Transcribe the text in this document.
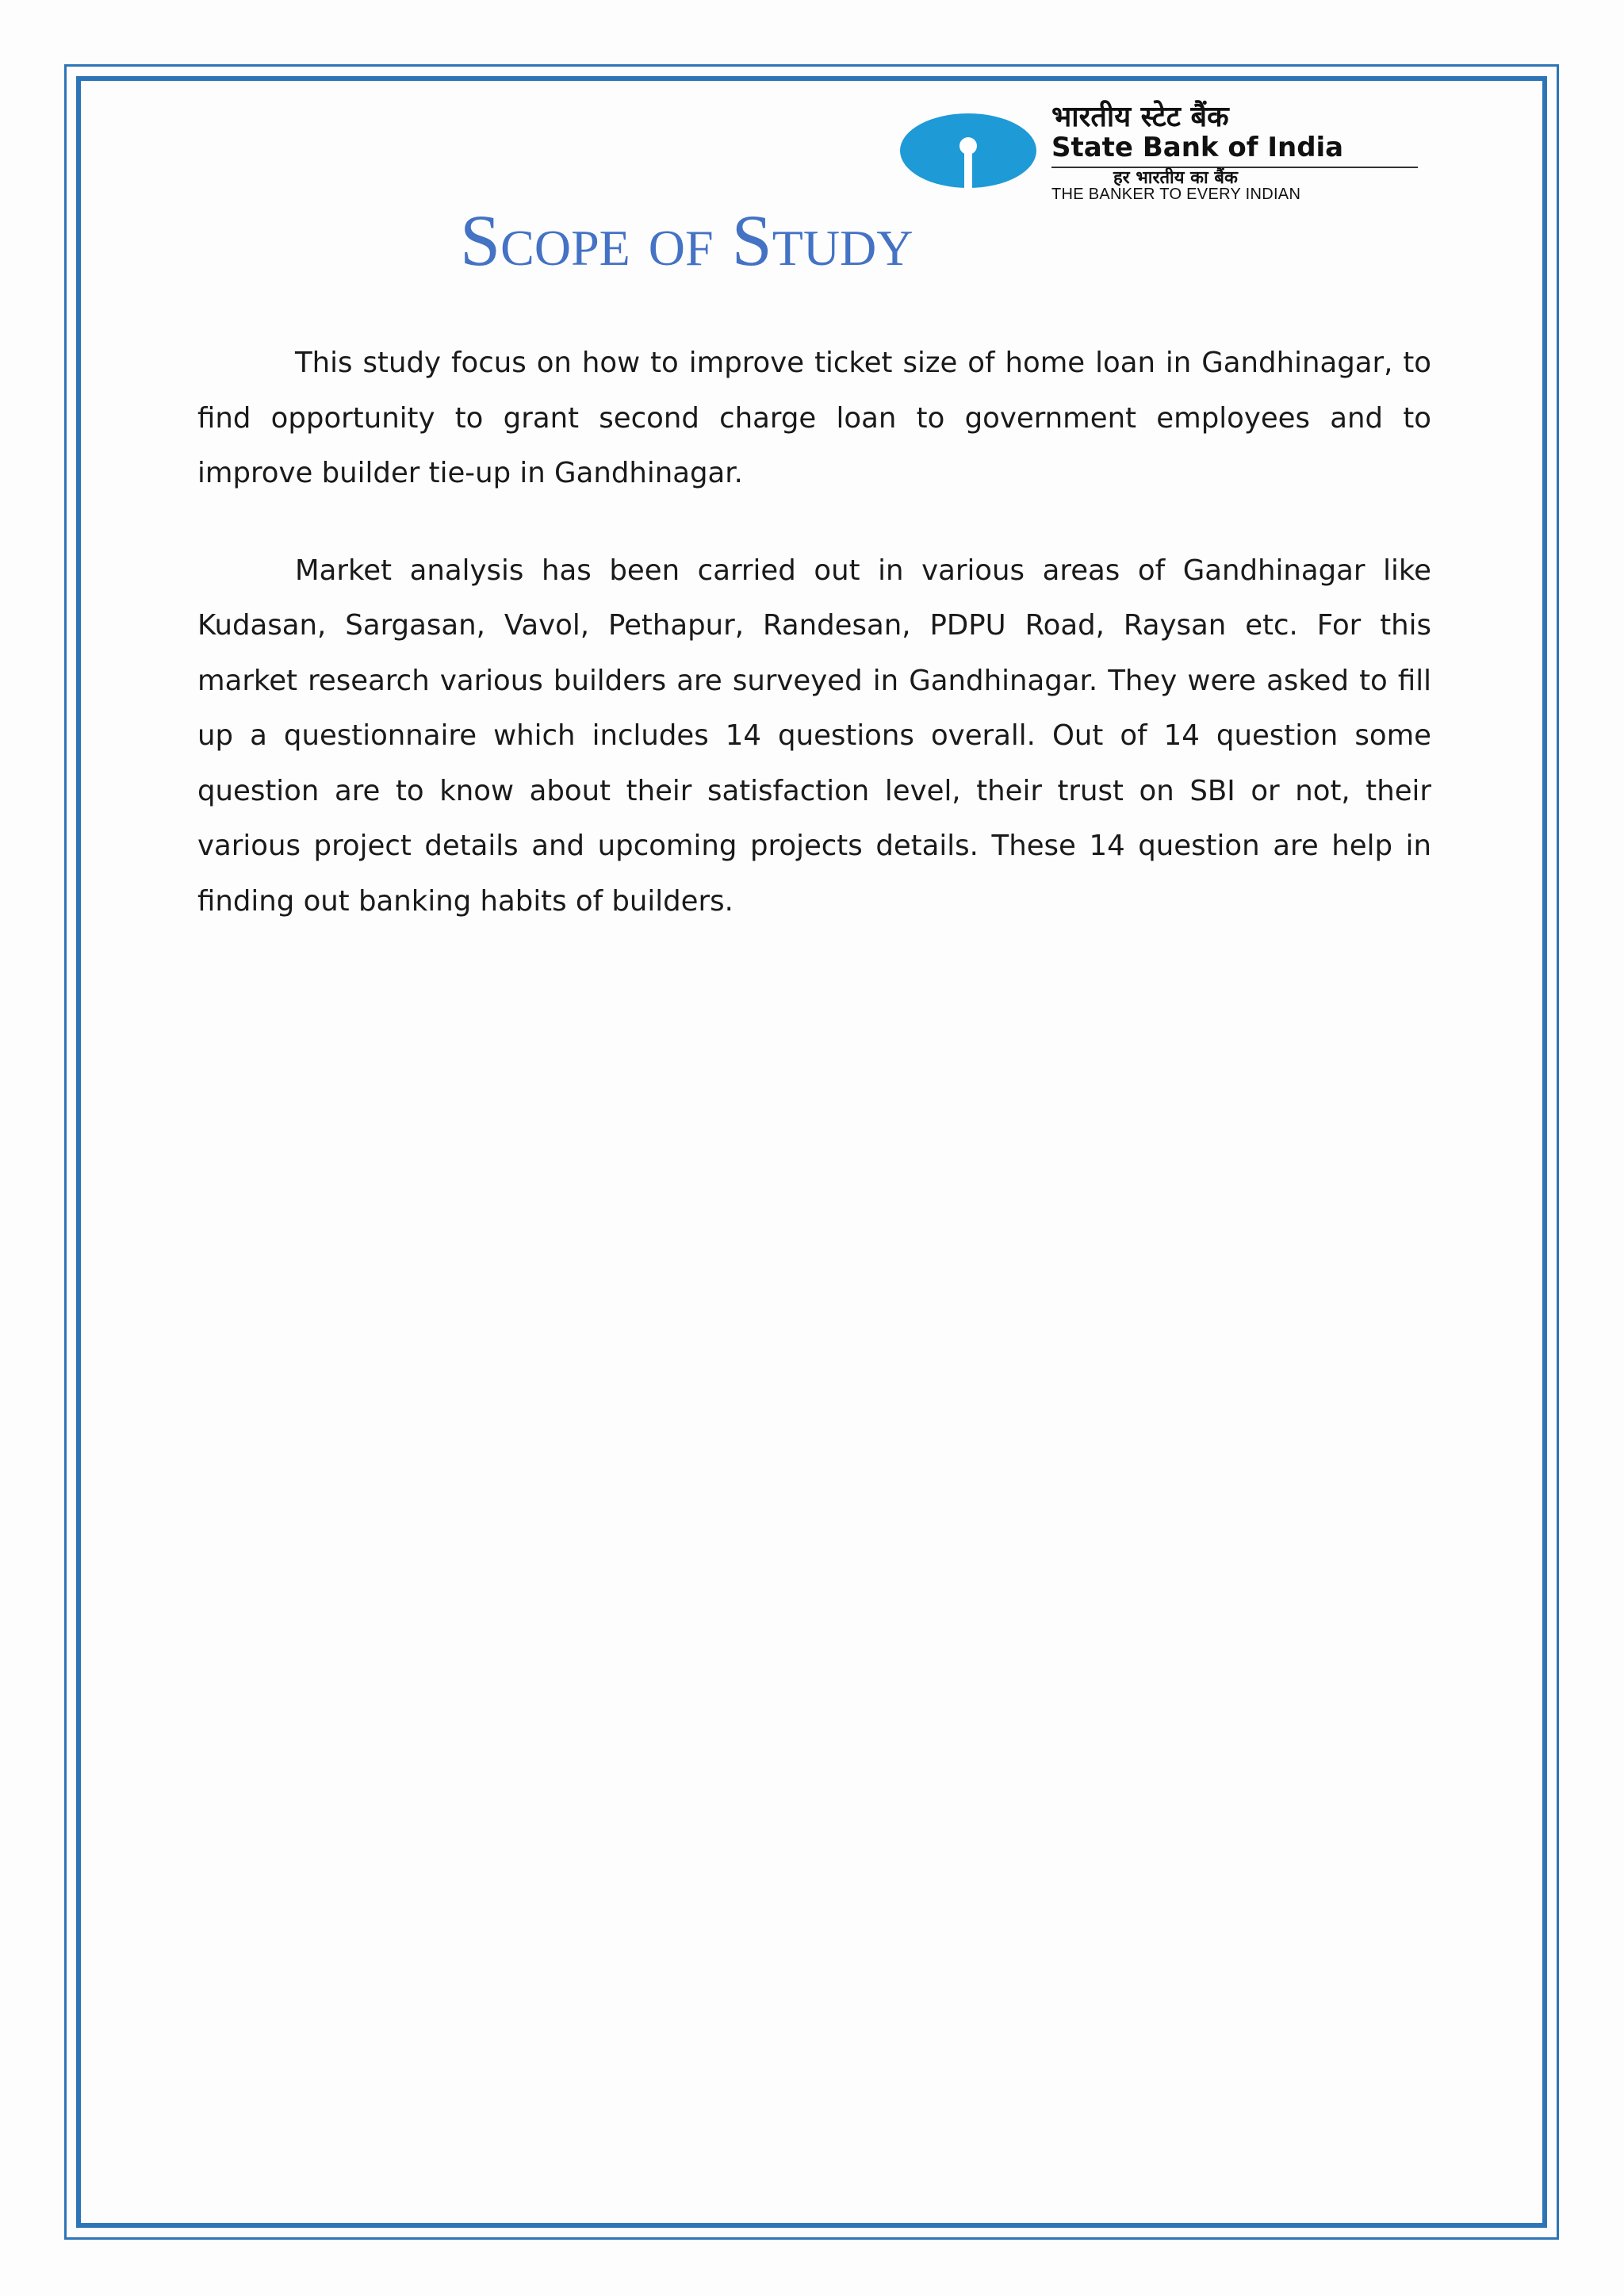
भारतीय स्टेट बैंक
State Bank of India
हर भारतीय का बैंक
THE BANKER TO EVERY INDIAN
Scope of Study

This study focus on how to improve ticket size of home loan in Gandhinagar, to find opportunity to grant second charge loan to government employees and to improve builder tie-up in Gandhinagar.

Market analysis has been carried out in various areas of Gandhinagar like Kudasan, Sargasan, Vavol, Pethapur, Randesan, PDPU Road, Raysan etc. For this market research various builders are surveyed in Gandhinagar. They were asked to fill up a questionnaire which includes 14 questions overall. Out of 14 question some question are to know about their satisfaction level, their trust on SBI or not, their various project details and upcoming projects details. These 14 question are help in finding out banking habits of builders.
